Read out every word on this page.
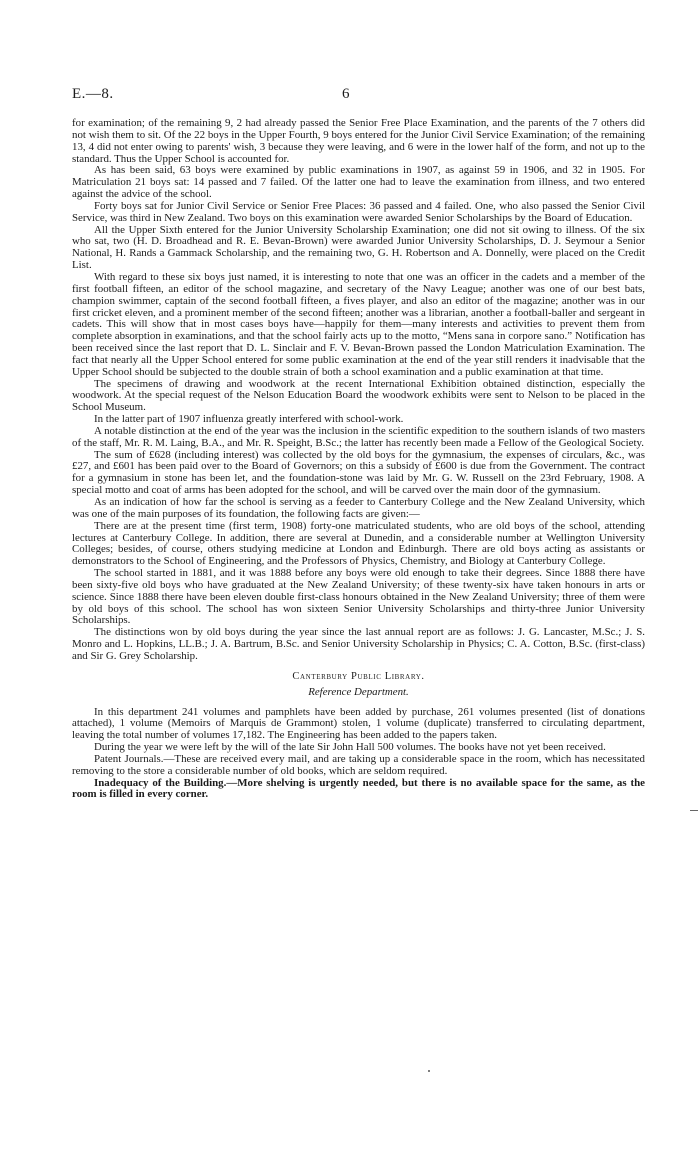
E.—8.	6

for examination; of the remaining 9, 2 had already passed the Senior Free Place Examination, and the parents of the 7 others did not wish them to sit. Of the 22 boys in the Upper Fourth, 9 boys entered for the Junior Civil Service Examination; of the remaining 13, 4 did not enter owing to parents' wish, 3 because they were leaving, and 6 were in the lower half of the form, and not up to the standard. Thus the Upper School is accounted for.

As has been said, 63 boys were examined by public examinations in 1907, as against 59 in 1906, and 32 in 1905. For Matriculation 21 boys sat: 14 passed and 7 failed. Of the latter one had to leave the examination from illness, and two entered against the advice of the school.

Forty boys sat for Junior Civil Service or Senior Free Places: 36 passed and 4 failed. One, who also passed the Senior Civil Service, was third in New Zealand. Two boys on this examination were awarded Senior Scholarships by the Board of Education.

All the Upper Sixth entered for the Junior University Scholarship Examination; one did not sit owing to illness. Of the six who sat, two (H. D. Broadhead and R. E. Bevan-Brown) were awarded Junior University Scholarships, D. J. Seymour a Senior National, H. Rands a Gammack Scholarship, and the remaining two, G. H. Robertson and A. Donnelly, were placed on the Credit List.

With regard to these six boys just named, it is interesting to note that one was an officer in the cadets and a member of the first football fifteen, an editor of the school magazine, and secretary of the Navy League; another was one of our best bats, champion swimmer, captain of the second football fifteen, a fives player, and also an editor of the magazine; another was in our first cricket eleven, and a prominent member of the second fifteen; another was a librarian, another a football-baller and sergeant in cadets. This will show that in most cases boys have—happily for them—many interests and activities to prevent them from complete absorption in examinations, and that the school fairly acts up to the motto, “Mens sana in corpore sano.” Notification has been received since the last report that D. L. Sinclair and F. V. Bevan-Brown passed the London Matriculation Examination. The fact that nearly all the Upper School entered for some public examination at the end of the year still renders it inadvisable that the Upper School should be subjected to the double strain of both a school examination and a public examination at that time.

The specimens of drawing and woodwork at the recent International Exhibition obtained distinction, especially the woodwork. At the special request of the Nelson Education Board the woodwork exhibits were sent to Nelson to be placed in the School Museum.

In the latter part of 1907 influenza greatly interfered with school-work.

A notable distinction at the end of the year was the inclusion in the scientific expedition to the southern islands of two masters of the staff, Mr. R. M. Laing, B.A., and Mr. R. Speight, B.Sc.; the latter has recently been made a Fellow of the Geological Society.

The sum of £628 (including interest) was collected by the old boys for the gymnasium, the expenses of circulars, &c., was £27, and £601 has been paid over to the Board of Governors; on this a subsidy of £600 is due from the Government. The contract for a gymnasium in stone has been let, and the foundation-stone was laid by Mr. G. W. Russell on the 23rd February, 1908. A special motto and coat of arms has been adopted for the school, and will be carved over the main door of the gymnasium.

As an indication of how far the school is serving as a feeder to Canterbury College and the New Zealand University, which was one of the main purposes of its foundation, the following facts are given:—

There are at the present time (first term, 1908) forty-one matriculated students, who are old boys of the school, attending lectures at Canterbury College. In addition, there are several at Dunedin, and a considerable number at Wellington University Colleges; besides, of course, others studying medicine at London and Edinburgh. There are old boys acting as assistants or demonstrators to the School of Engineering, and the Professors of Physics, Chemistry, and Biology at Canterbury College.

The school started in 1881, and it was 1888 before any boys were old enough to take their degrees. Since 1888 there have been sixty-five old boys who have graduated at the New Zealand University; of these twenty-six have taken honours in arts or science. Since 1888 there have been eleven double first-class honours obtained in the New Zealand University; three of them were by old boys of this school. The school has won sixteen Senior University Scholarships and thirty-three Junior University Scholarships.

The distinctions won by old boys during the year since the last annual report are as follows: J. G. Lancaster, M.Sc.; J. S. Monro and L. Hopkins, LL.B.; J. A. Bartrum, B.Sc. and Senior University Scholarship in Physics; C. A. Cotton, B.Sc. (first-class) and Sir G. Grey Scholarship.

Canterbury Public Library.
Reference Department.

In this department 241 volumes and pamphlets have been added by purchase, 261 volumes presented (list of donations attached), 1 volume (Memoirs of Marquis de Grammont) stolen, 1 volume (duplicate) transferred to circulating department, leaving the total number of volumes 17,182. The Engineering has been added to the papers taken.

During the year we were left by the will of the late Sir John Hall 500 volumes. The books have not yet been received.

Patent Journals.—These are received every mail, and are taking up a considerable space in the room, which has necessitated removing to the store a considerable number of old books, which are seldom required.

Inadequacy of the Building.—More shelving is urgently needed, but there is no available space for the same, as the room is filled in every corner.
